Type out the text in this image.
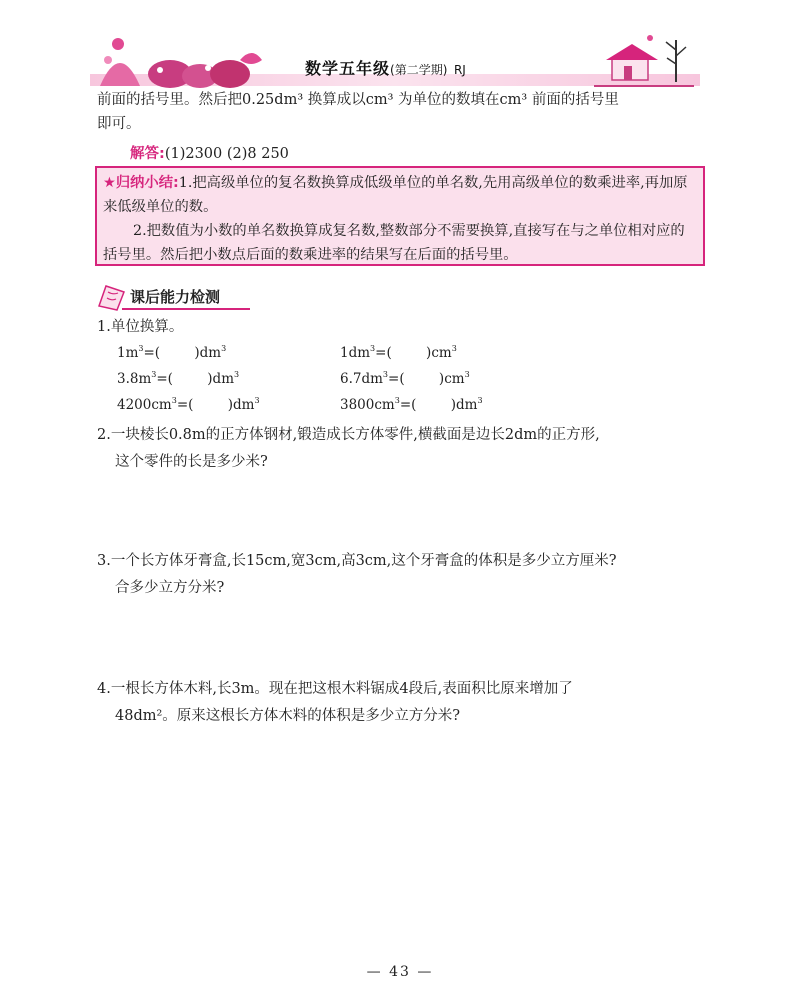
数学五年级(第二学期) RJ
前面的括号里。然后把0.25dm³ 换算成以cm³ 为单位的数填在cm³ 前面的括号里
即可。
解答:(1)2300 (2)8 250
★归纳小结:1.把高级单位的复名数换算成低级单位的单名数,先用高级单位的数乘进率,再加原来低级单位的数。
2.把数值为小数的单名数换算成复名数,整数部分不需要换算,直接写在与之单位相对应的括号里。然后把小数点后面的数乘进率的结果写在后面的括号里。
课后能力检测
1.单位换算。
$1m^3=$(        )$dm^3$	$1dm^3=$(        )$cm^3$
$3.8m^3=$(        )$dm^3$	$6.7dm^3=$(        )$cm^3$
$4200cm^3=$(        )$dm^3$	$3800cm^3=$(        )$dm^3$
2.一块棱长0.8m的正方体钢材,锻造成长方体零件,横截面是边长2dm的正方形,
这个零件的长是多少米?
3.一个长方体牙膏盒,长15cm,宽3cm,高3cm,这个牙膏盒的体积是多少立方厘米?
合多少立方分米?
4.一根长方体木料,长3m。现在把这根木料锯成4段后,表面积比原来增加了
48dm²。原来这根长方体木料的体积是多少立方分米?
— 43 —
